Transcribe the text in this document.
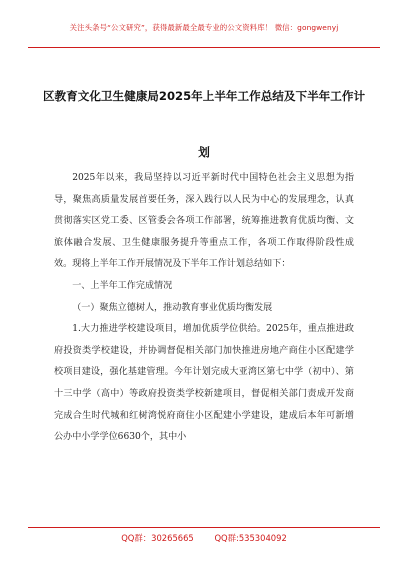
关注头条号“公文研究”，获得最新最全最专业的公文资料库！ 微信：gongwenyj
区教育文化卫生健康局2025年上半年工作总结及下半年工作计划

2025年以来，我局坚持以习近平新时代中国特色社会主义思想为指导，聚焦高质量发展首要任务，深入践行以人民为中心的发展理念，认真贯彻落实区党工委、区管委会各项工作部署，统筹推进教育优质均衡、文旅体融合发展、卫生健康服务提升等重点工作，各项工作取得阶段性成效。现将上半年工作开展情况及下半年工作计划总结如下：

一、上半年工作完成情况

（一）聚焦立德树人，推动教育事业优质均衡发展

1.大力推进学校建设项目，增加优质学位供给。2025年，重点推进政府投资类学校建设，并协调督促相关部门加快推进房地产商住小区配建学校项目建设，强化基建管理。今年计划完成大亚湾区第七中学（初中）、第十三中学（高中）等政府投资类学校新建项目，督促相关部门责成开发商完成合生时代城和红树湾悦府商住小区配建小学建设，建成后本年可新增公办中小学学位6630个，其中小

QQ群：30265665 QQ群:535304092
